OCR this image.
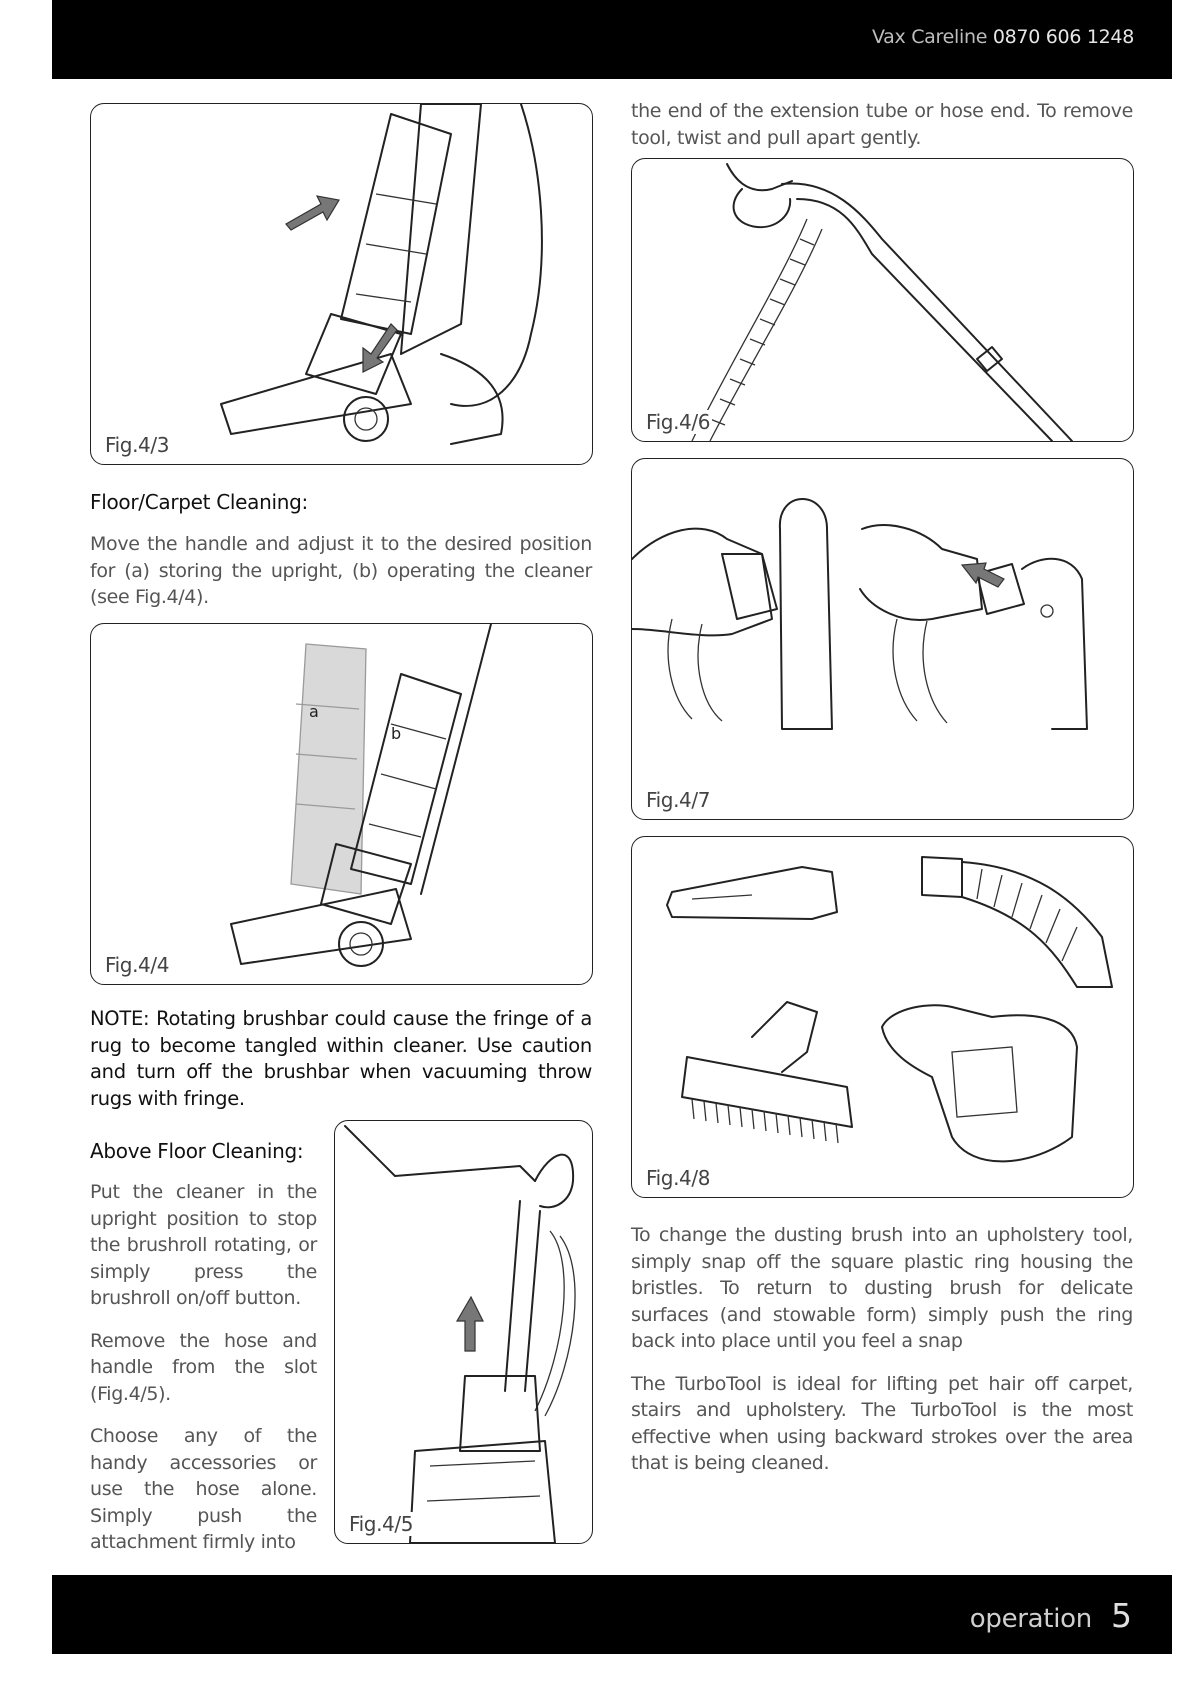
Vax Careline 0870 606 1248
Fig.4/3
Floor/Carpet Cleaning:
Move the handle and adjust it to the desired position for (a) storing the upright, (b) operating the cleaner (see Fig.4/4).
a
b
Fig.4/4
NOTE: Rotating brushbar could cause the fringe of a rug to become tangled within cleaner. Use caution and turn off the brushbar when vacuuming throw rugs with fringe.
Above Floor Cleaning:

Put the cleaner in the upright position to stop the brushroll rotating, or simply press the brushroll on/off button.

Remove the hose and handle from the slot (Fig.4/5).

Choose any of the handy accessories or use the hose alone. Simply push the attachment firmly into

Fig.4/5
the end of the extension tube or hose end. To remove tool, twist and pull apart gently.
Fig.4/6
Fig.4/7
Fig.4/8

To change the dusting brush into an upholstery tool, simply snap off the square plastic ring housing the bristles. To return to dusting brush for delicate surfaces (and stowable form) simply push the ring back into place until you feel a snap

The TurboTool is ideal for lifting pet hair off carpet, stairs and upholstery. The TurboTool is the most effective when using backward strokes over the area that is being cleaned.

operation 5
